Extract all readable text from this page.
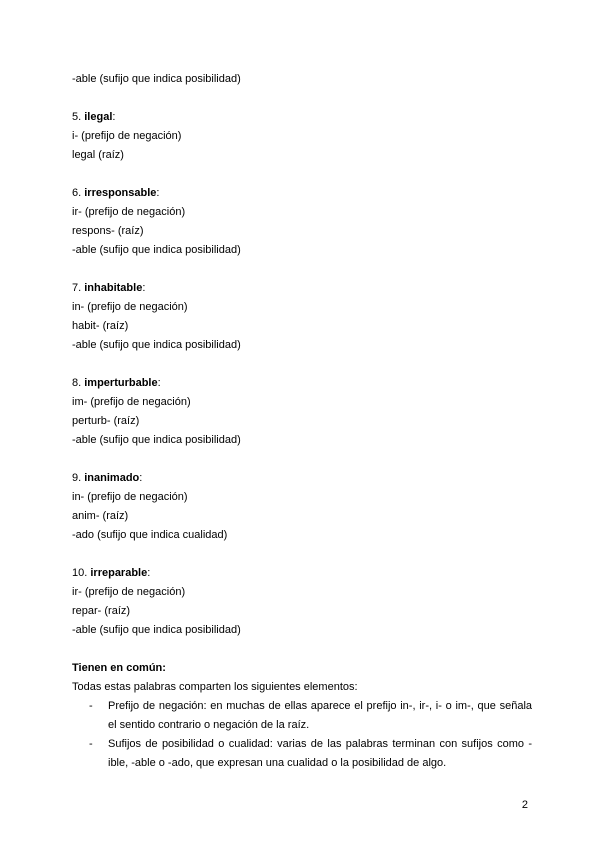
-able (sufijo que indica posibilidad)
5. ilegal:
i- (prefijo de negación)
legal (raíz)
6. irresponsable:
ir- (prefijo de negación)
respons- (raíz)
-able (sufijo que indica posibilidad)
7. inhabitable:
in- (prefijo de negación)
habit- (raíz)
-able (sufijo que indica posibilidad)
8. imperturbable:
im- (prefijo de negación)
perturb- (raíz)
-able (sufijo que indica posibilidad)
9. inanimado:
in- (prefijo de negación)
anim- (raíz)
-ado (sufijo que indica cualidad)
10. irreparable:
ir- (prefijo de negación)
repar- (raíz)
-able (sufijo que indica posibilidad)
Tienen en común:
Todas estas palabras comparten los siguientes elementos:
- Prefijo de negación: en muchas de ellas aparece el prefijo in-, ir-, i- o im-, que señala el sentido contrario o negación de la raíz.
- Sufijos de posibilidad o cualidad: varias de las palabras terminan con sufijos como -ible, -able o -ado, que expresan una cualidad o la posibilidad de algo.
2
